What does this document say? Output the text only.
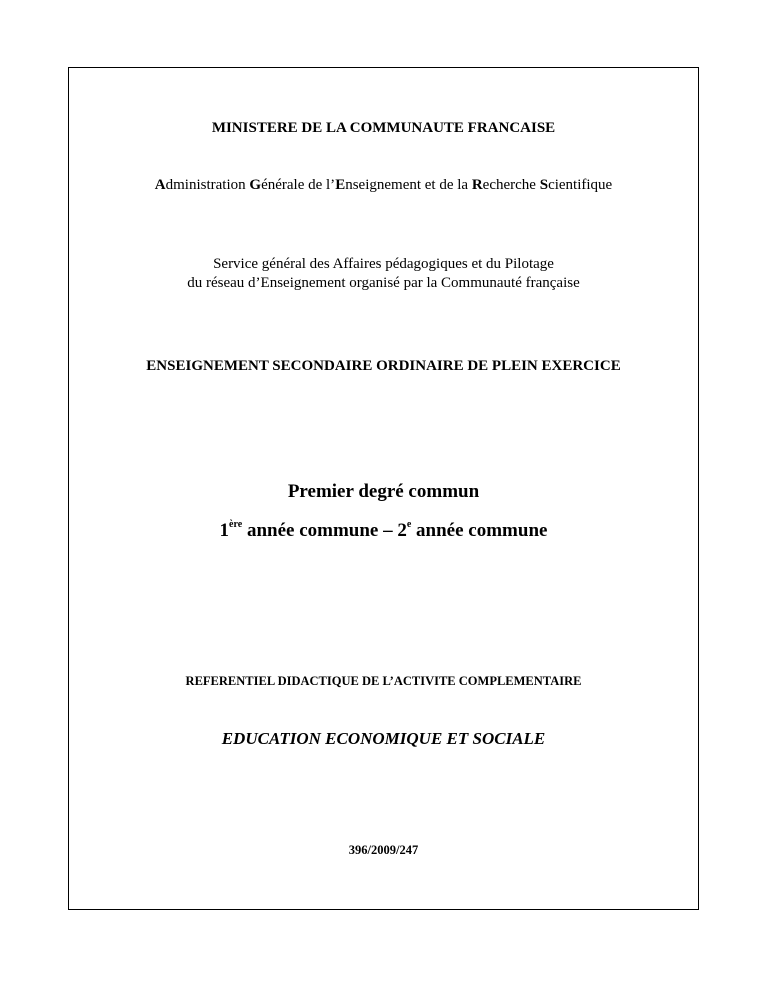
MINISTERE DE LA COMMUNAUTE FRANCAISE
Administration Générale de l’Enseignement et de la Recherche Scientifique
Service général des Affaires pédagogiques et du Pilotage
du réseau d’Enseignement organisé par la Communauté française
ENSEIGNEMENT SECONDAIRE ORDINAIRE DE PLEIN EXERCICE
Premier degré commun
1ère année commune – 2e année commune
REFERENTIEL DIDACTIQUE DE L’ACTIVITE COMPLEMENTAIRE
EDUCATION ECONOMIQUE ET SOCIALE
396/2009/247
